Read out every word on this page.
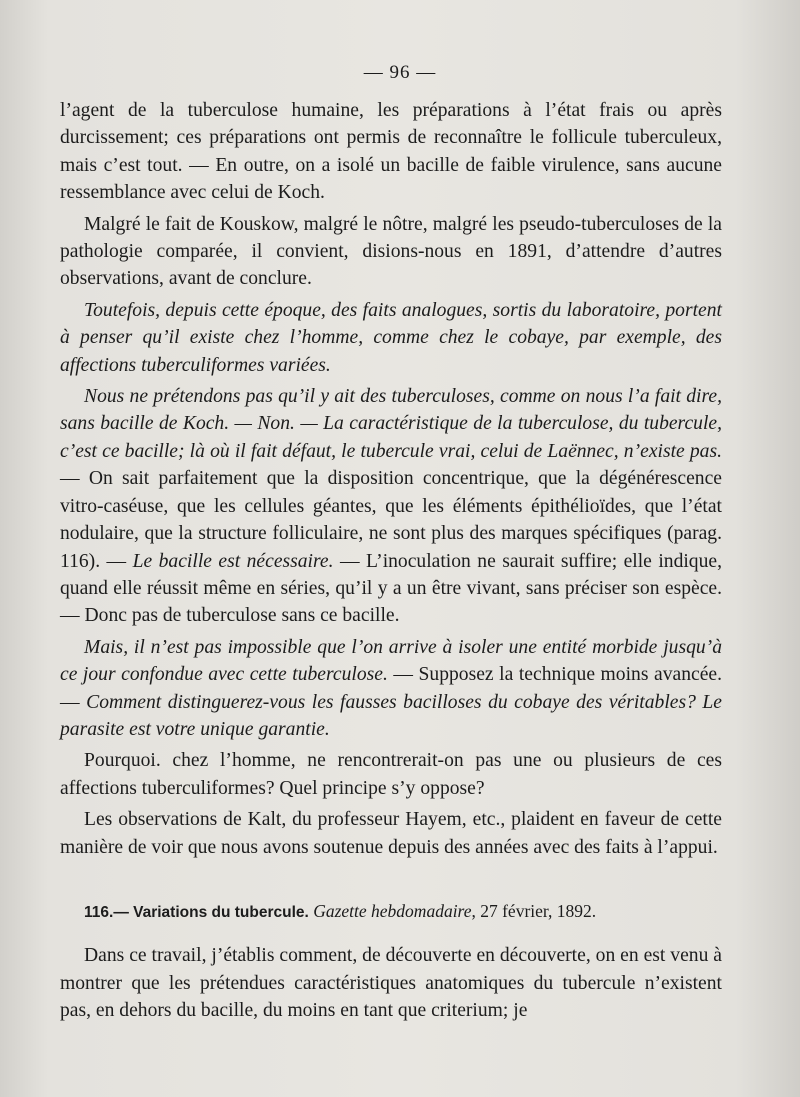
— 96 —

l’agent de la tuberculose humaine, les préparations à l’état frais ou après durcissement; ces préparations ont permis de reconnaître le follicule tuberculeux, mais c’est tout. — En outre, on a isolé un bacille de faible virulence, sans aucune ressemblance avec celui de Koch.

Malgré le fait de Kouskow, malgré le nôtre, malgré les pseudo-tuberculoses de la pathologie comparée, il convient, disions-nous en 1891, d’attendre d’autres observations, avant de conclure.

Toutefois, depuis cette époque, des faits analogues, sortis du laboratoire, portent à penser qu’il existe chez l’homme, comme chez le cobaye, par exemple, des affections tuberculiformes variées.

Nous ne prétendons pas qu’il y ait des tuberculoses, comme on nous l’a fait dire, sans bacille de Koch. — Non. — La caractéristique de la tuberculose, du tubercule, c’est ce bacille; là où il fait défaut, le tubercule vrai, celui de Laënnec, n’existe pas. — On sait parfaitement que la disposition concentrique, que la dégénérescence vitro-caséuse, que les cellules géantes, que les éléments épithélioïdes, que l’état nodulaire, que la structure folliculaire, ne sont plus des marques spécifiques (parag. 116). — Le bacille est nécessaire. — L’inoculation ne saurait suffire; elle indique, quand elle réussit même en séries, qu’il y a un être vivant, sans préciser son espèce. — Donc pas de tuberculose sans ce bacille.

Mais, il n’est pas impossible que l’on arrive à isoler une entité morbide jusqu’à ce jour confondue avec cette tuberculose. — Supposez la technique moins avancée. — Comment distinguerez-vous les fausses bacilloses du cobaye des véritables? Le parasite est votre unique garantie.

Pourquoi. chez l’homme, ne rencontrerait-on pas une ou plusieurs de ces affections tuberculiformes? Quel principe s’y oppose?

Les observations de Kalt, du professeur Hayem, etc., plaident en faveur de cette manière de voir que nous avons soutenue depuis des années avec des faits à l’appui.

116.— Variations du tubercule. Gazette hebdomadaire, 27 février, 1892.

Dans ce travail, j’établis comment, de découverte en découverte, on en est venu à montrer que les prétendues caractéristiques anatomiques du tubercule n’existent pas, en dehors du bacille, du moins en tant que criterium; je
